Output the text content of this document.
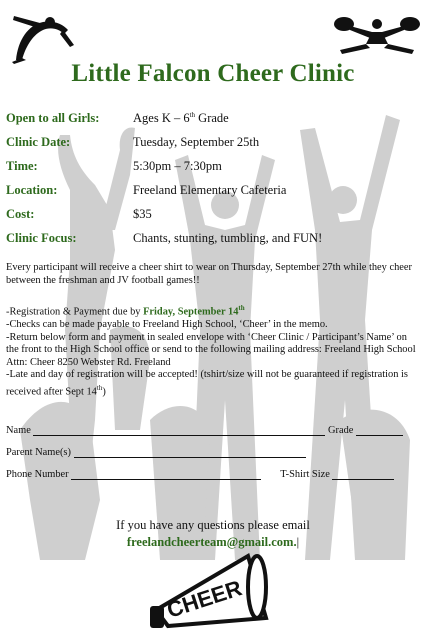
Little Falcon Cheer Clinic
Open to all Girls:	Ages K – 6th Grade
Clinic Date:	Tuesday, September 25th
Time:	5:30pm – 7:30pm
Location:	Freeland Elementary Cafeteria
Cost:	$35
Clinic Focus:	Chants, stunting, tumbling, and FUN!
Every participant will receive a cheer shirt to wear on Thursday, September 27th while they cheer between the freshman and JV football games!!
-Registration & Payment due by Friday, September 14th
-Checks can be made payable to Freeland High School, ‘Cheer’ in the memo.
-Return below form and payment in sealed envelope with ‘Cheer Clinic / Participant’s Name’ on the front to the High School office or send to the following mailing address: Freeland High School Attn: Cheer 8250 Webster Rd. Freeland
-Late and day of registration will be accepted! (tshirt/size will not be guaranteed if registration is received after Sept 14th)
Name	Grade
Parent Name(s)
Phone Number	T-Shirt Size
If you have any questions please email
freelandcheerteam@gmail.com.|
CHEER
